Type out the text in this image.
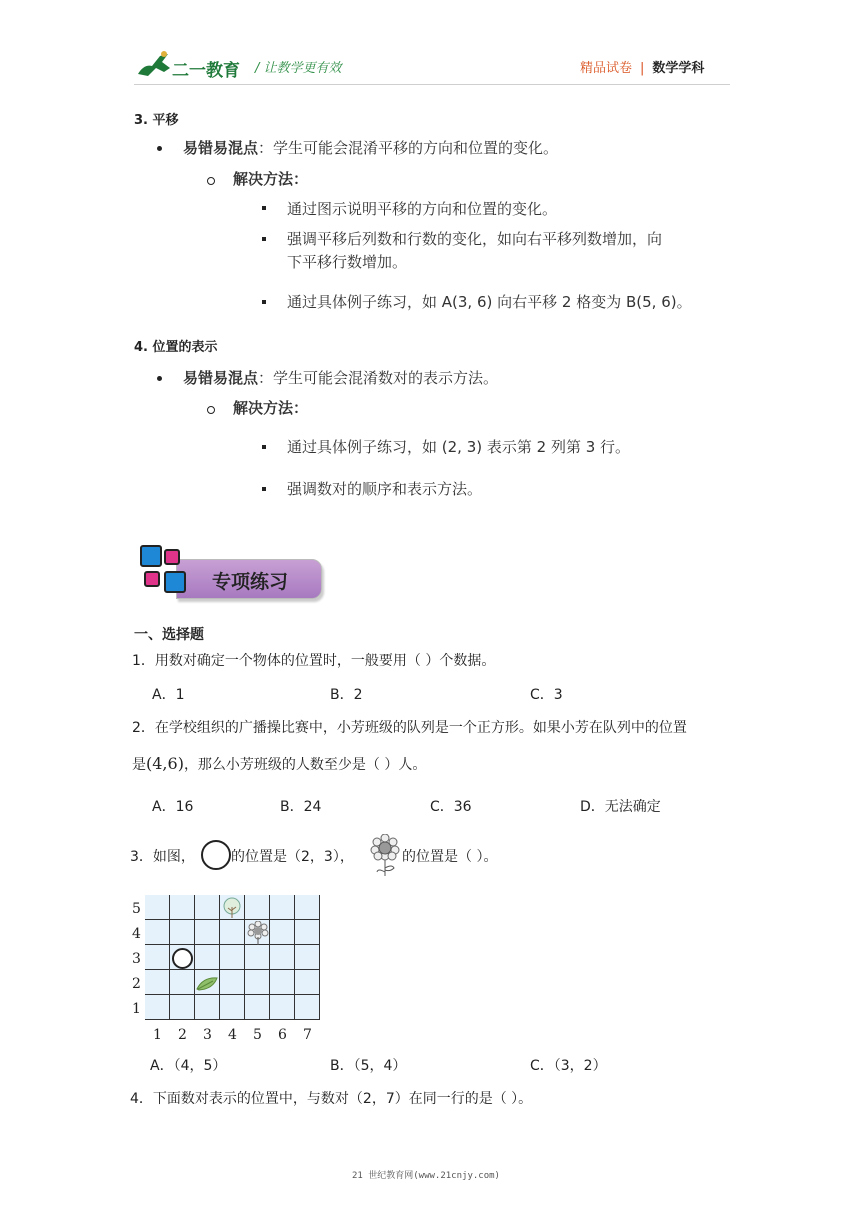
二一教育 / 让教学更有效	精品试卷 | 数学学科
3. 平移
易错易混点：学生可能会混淆平移的方向和位置的变化。
解决方法：
通过图示说明平移的方向和位置的变化。
强调平移后列数和行数的变化，如向右平移列数增加，向
下平移行数增加。
通过具体例子练习，如 A(3, 6) 向右平移 2 格变为 B(5, 6)。
4. 位置的表示
易错易混点：学生可能会混淆数对的表示方法。
解决方法：
通过具体例子练习，如 (2, 3) 表示第 2 列第 3 行。
强调数对的顺序和表示方法。
专项练习
一、选择题
1．用数对确定一个物体的位置时，一般要用（ ）个数据。
A．1	B．2	C．3
2．在学校组织的广播操比赛中，小芳班级的队列是一个正方形。如果小芳在队列中的位置
是(4,6)，那么小芳班级的人数至少是（ ）人。
A．16	B．24	C．36	D．无法确定
3．如图，	的位置是（2，3），	的位置是（ ）。
5
4
3
2
1
1 2 3 4 5 6 7
A．（4，5）	B．（5，4）	C．（3，2）
4．下面数对表示的位置中，与数对（2，7）在同一行的是（ ）。
21 世纪教育网(www.21cnjy.com)
